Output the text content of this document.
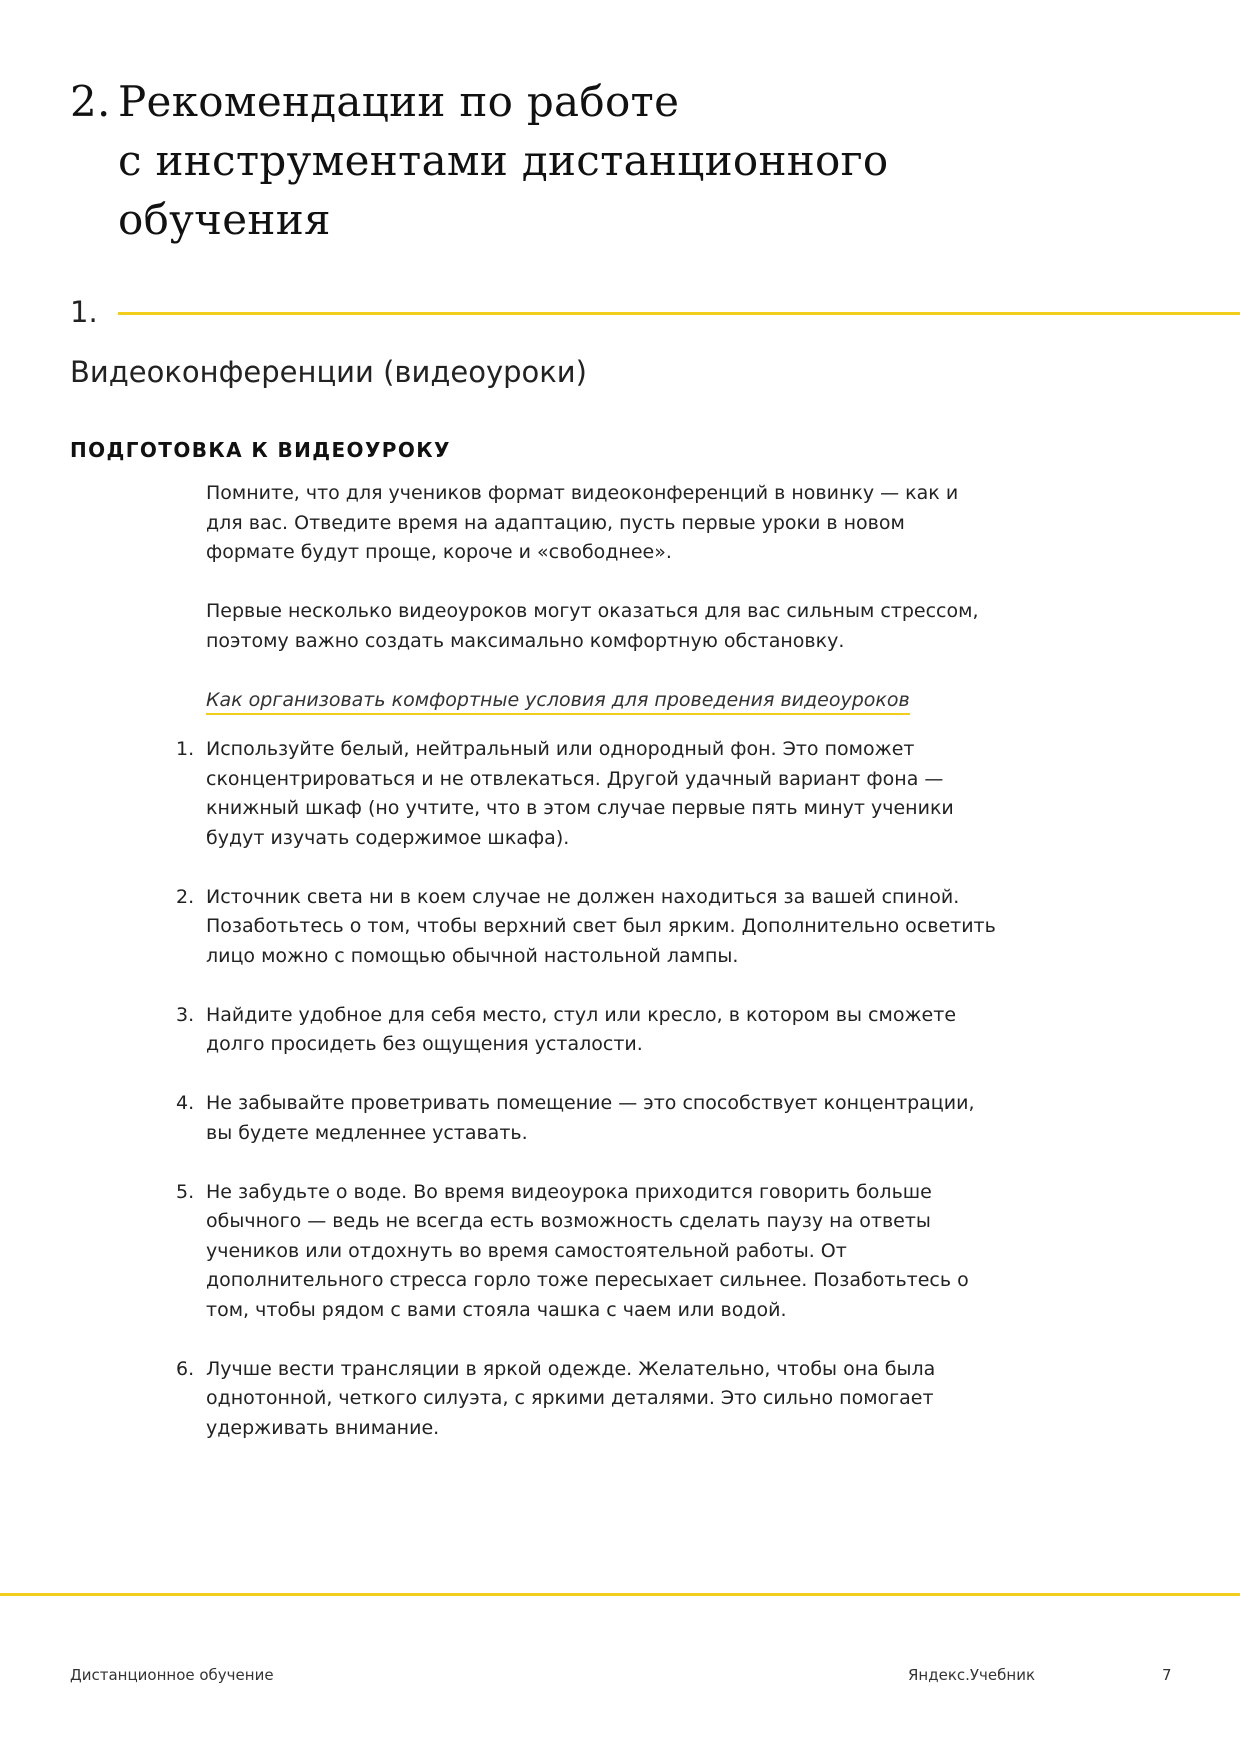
2. Рекомендации по работе
с инструментами дистанционного
обучения
1.
Видеоконференции (видеоуроки)
ПОДГОТОВКА К ВИДЕОУРОКУ

Помните, что для учеников формат видеоконференций в новинку — как и для вас. Отведите время на адаптацию, пусть первые уроки в новом формате будут проще, короче и «свободнее».

Первые несколько видеоуроков могут оказаться для вас сильным стрессом, поэтому важно создать максимально комфортную обстановку.

Как организовать комфортные условия для проведения видеоуроков

1. Используйте белый, нейтральный или однородный фон. Это поможет сконцентрироваться и не отвлекаться. Другой удачный вариант фона — книжный шкаф (но учтите, что в этом случае первые пять минут ученики будут изучать содержимое шкафа).
2. Источник света ни в коем случае не должен находиться за вашей спиной. Позаботьтесь о том, чтобы верхний свет был ярким. Дополнительно осветить лицо можно с помощью обычной настольной лампы.
3. Найдите удобное для себя место, стул или кресло, в котором вы сможете долго просидеть без ощущения усталости.
4. Не забывайте проветривать помещение — это способствует концентрации, вы будете медленнее уставать.
5. Не забудьте о воде. Во время видеоурока приходится говорить больше обычного — ведь не всегда есть возможность сделать паузу на ответы учеников или отдохнуть во время самостоятельной работы. От дополнительного стресса горло тоже пересыхает сильнее. Позаботьтесь о том, чтобы рядом с вами стояла чашка с чаем или водой.
6. Лучше вести трансляции в яркой одежде. Желательно, чтобы она была однотонной, четкого силуэта, с яркими деталями. Это сильно помогает удерживать внимание.
Дистанционное обучение	Яндекс.Учебник	7
